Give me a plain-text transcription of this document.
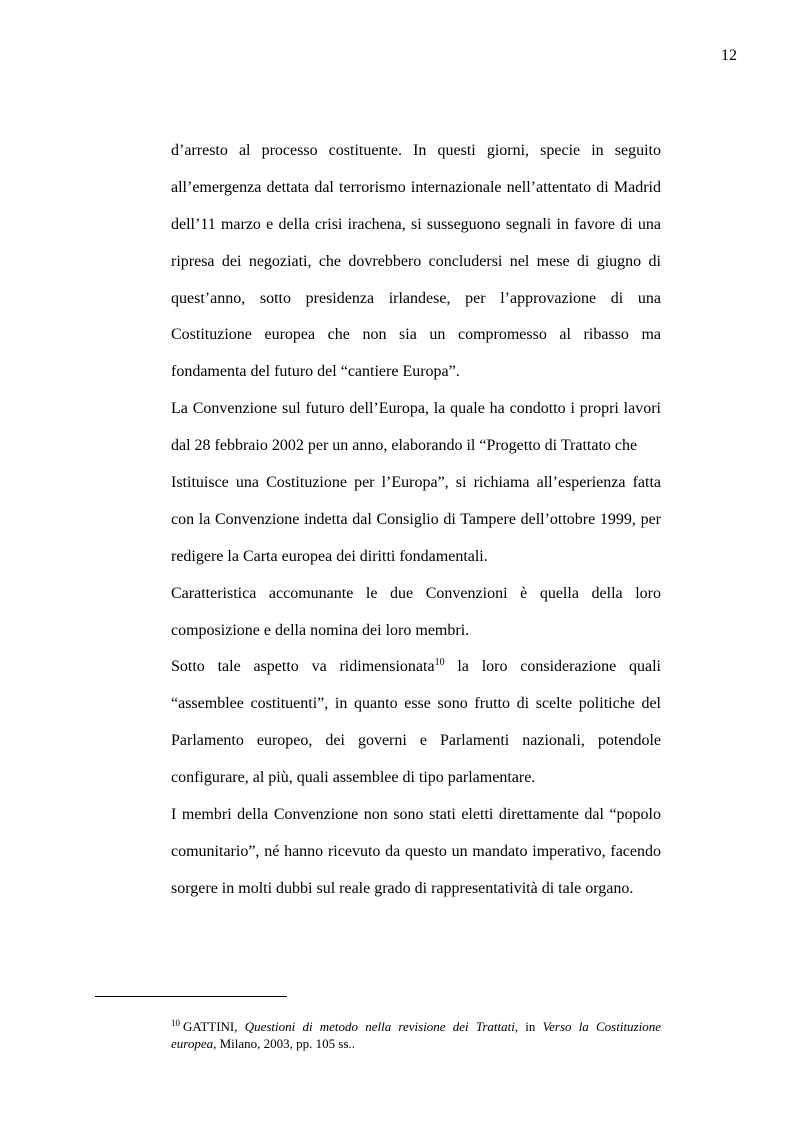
12
d’arresto al processo costituente. In questi giorni, specie in seguito
all’emergenza dettata dal terrorismo internazionale nell’attentato di Madrid
dell’11 marzo e della crisi irachena, si susseguono segnali in favore di una
ripresa dei negoziati, che dovrebbero concludersi nel mese di giugno di
quest’anno, sotto presidenza irlandese, per l’approvazione di una
Costituzione europea che non sia un compromesso al ribasso ma
fondamenta del futuro del “cantiere Europa”.
La Convenzione sul futuro dell’Europa, la quale ha condotto i propri lavori
dal 28 febbraio 2002 per un anno, elaborando il “Progetto di Trattato che
Istituisce una Costituzione per l’Europa”, si richiama all’esperienza fatta
con la Convenzione indetta dal Consiglio di Tampere dell’ottobre 1999, per
redigere la Carta europea dei diritti fondamentali.
Caratteristica accomunante le due Convenzioni è quella della loro
composizione e della nomina dei loro membri.
Sotto tale aspetto va ridimensionata$^{10}$ la loro considerazione quali
“assemblee costituenti”, in quanto esse sono frutto di scelte politiche del
Parlamento europeo, dei governi e Parlamenti nazionali, potendole
configurare, al più, quali assemblee di tipo parlamentare.
I membri della Convenzione non sono stati eletti direttamente dal “popolo
comunitario”, né hanno ricevuto da questo un mandato imperativo, facendo
sorgere in molti dubbi sul reale grado di rappresentatività di tale organo.
$^{10}$ GATTINI, Questioni di metodo nella revisione dei Trattati, in Verso la Costituzione
europea, Milano, 2003, pp. 105 ss..
